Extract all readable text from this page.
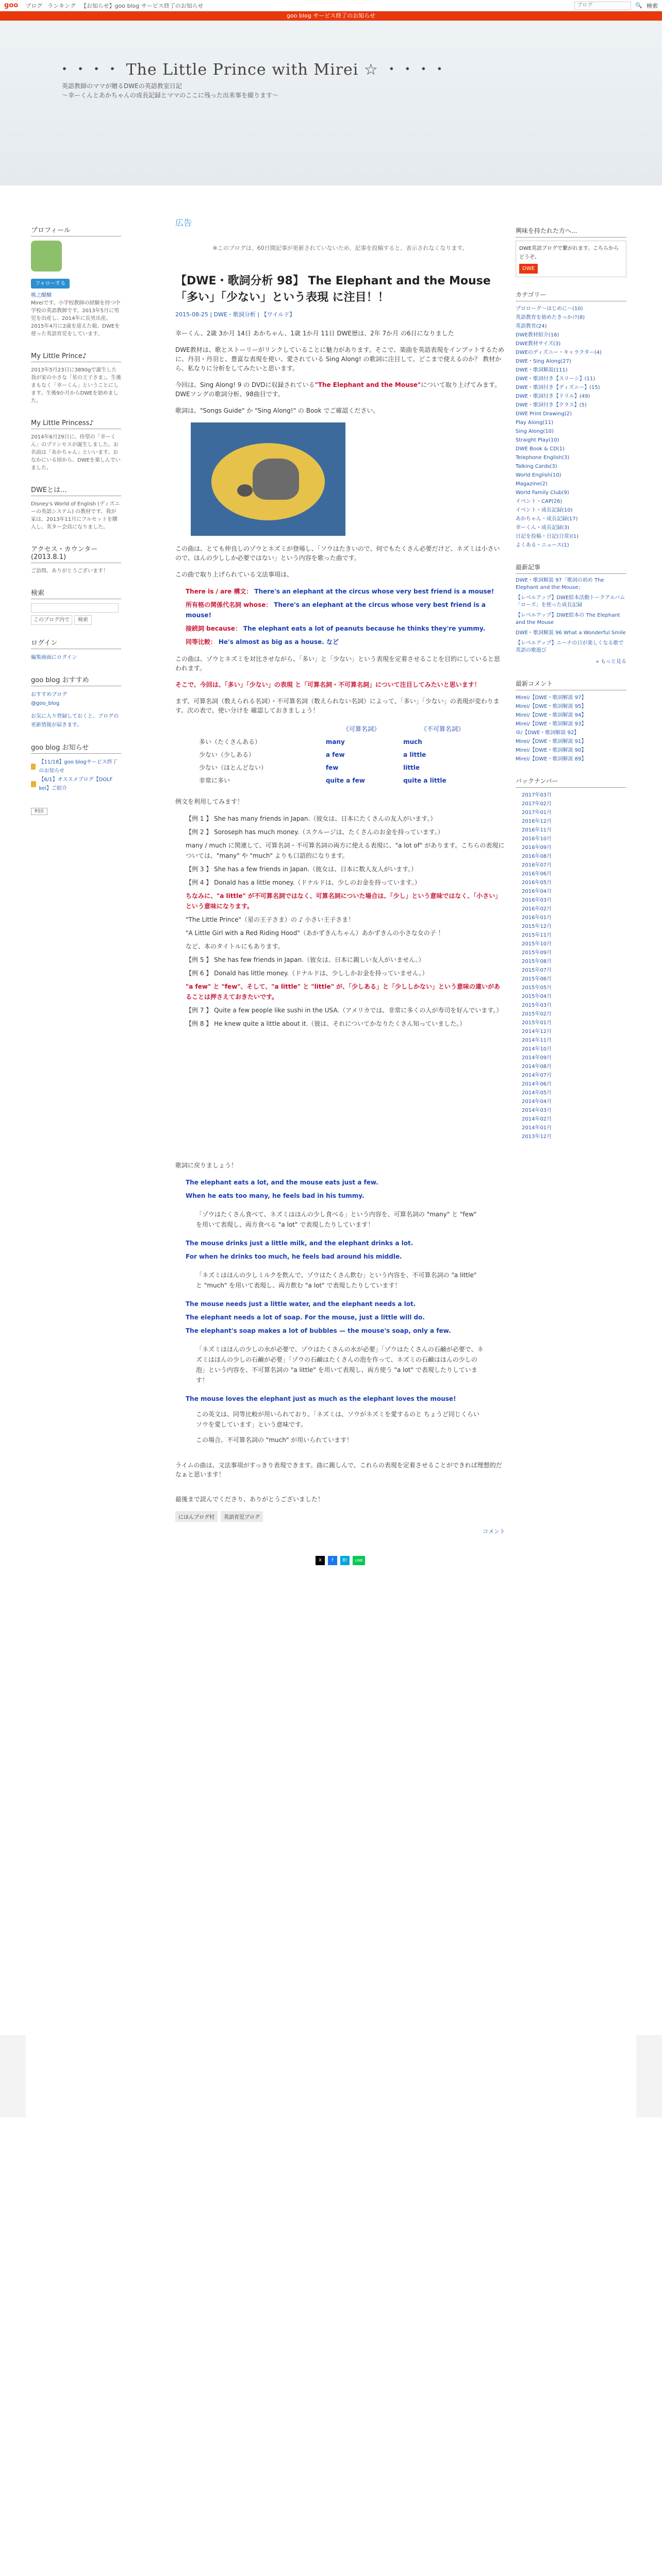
goo ブログ ランキング 【お知らせ】goo blog サービス終了のお知らせ
ブログ	🔍 検索
goo blog サービス終了のお知らせ
・・・・ The Little Prince with Mirei ☆ ・・・・
英語教師のママが贈るDWEの英語教室日記
〜幸ーくんとあかちゃんの成長記録とママのここに残った出来事を綴ります〜
プロフィール
フォローする
桃之醍醐
Mireiです。小学校教師の経験を持つ中学校の英語教師です。2013年5月に男児を出産し、2014年に長男出産。2015年4月に2歳を迎えた娘、DWEを使った英語育児をしています。
My Little Prince♪
2013年5月23日に3890gで誕生した我が家の小さな「星の王子さま」。生後まもなく「幸ーくん」ということにします。生後9か月からDWEを始めました。
My Little Princess♪
2014年6月29日に、待望の「幸ーくん」のプリンセスが誕生しました。お名前は「あかちゃん」といいます。おなかにいる頃から、DWEを楽しんでいました。
DWEとは...
Disney's World of English (ディズニーの英語システム) の教材です。我が家は、2013年11月にフルセットを購入し、英ター会員になりました。
アクセス・カウンター (2013.8.1)
ご訪問、ありがとうございます！
検索
このブログ内で	検索
ログイン
編集画面にログイン
goo blog おすすめ
おすすめブログ
@goo_blog
お気に入り登録しておくと、ブログの更新情報が届きます。
goo blog お知らせ
【11/18】goo blogサービス終了のお知らせ
【6/1】オススメブログ【DOLF kei】ご紹介
RSS
広告
※このブログは、60日間記事が更新されていないため、記事を投稿すると、表示されなくなります。
【DWE・歌詞分析 98】 The Elephant and the Mouse　「多い」「少ない」という表現 に注目！！
2015-08-25 | DWE・歌詞分析 | 【ワイルド】
幸ーくん、2歳 3か月 14日 あかちゃん、1歳 1か月 11日 DWE歴は、2年 7か月 の6日になりました
DWE教材は、歌とストーリーがリンクしていることに魅力があります。そこで、楽曲を英語表現をインプットするために、丹羽・丹羽と、豊富な表現を使い、愛されている Sing Along! の歌詞に注目して、どこまで使えるのか？ 教材から、私なりに分析をしてみたいと思います。
今回は、Sing Along! 9 の DVDに収録されている"The Elephant and the Mouse"について取り上げてみます。DWEソングの歌詞分析、98曲目です。
歌詞は、"Songs Guide" か "Sing Along!" の Book でご確認ください。
この曲は、とても仲良しのゾウとネズミが登場し、「ソウはたきいので、何でもたくさん必要だけど、ネズミは小さいので、ほんの少ししか必要ではない」という内容を歌った曲です。
この曲で取り上げられている文法事項は、
There is / are 構文： There's an elephant at the circus whose very best friend is a mouse!
所有格の関係代名詞 whose： There's an elephant at the circus whose very best friend is a mouse!
接続詞 because： The elephant eats a lot of peanuts because he thinks they're yummy.
同等比較： He's almost as big as a house. など
この曲は、ゾウとネズミを対比させながら、「多い」と「少ない」という表現を定着させることを目的にしていると思われます。
そこで、今回は、「多い」「少ない」の表現 と「可算名詞・不可算名詞」について注目してみたいと思います！
まず、可算名詞（数えられる名詞）・不可算名詞（数えられない名詞）によって、「多い」「少ない」の表現が変わります。次の表で、使い分けを 確認しておきましょう！
	《可算名詞》	《不可算名詞》
多い（たくさんある）	many	much
少ない（少しある）	a few	a little
少ない（ほとんどない）	few	little
非常に多い	quite a few	quite a little
例文を利用してみます！
【例 1 】 She has many friends in Japan.（彼女は、日本にたくさんの友人がいます。）
【例 2 】 Soroseph has much money.（スクルージは、たくさんのお金を持っています。）
many / much に関連して、可算名詞・不可算名詞の両方に使える表現に、"a lot of" があります。こちらの表現については、"many" や "much" よりも口語的になります。
【例 3 】 She has a few friends in Japan.（彼女は、日本に数人友人がいます。）
【例 4 】 Donald has a little money.（ドナルドは、少しのお金を持っています。）
ちなみに、"a little" が不可算名詞ではなく、可算名詞についた場合は、「少し」という意味ではなく、「小さい」という意味になります。
"The Little Prince"（星の王子さま）の ♪ 小さい王子さま！
"A Little Girl with a Red Riding Hood"（あかずきんちゃん）あかずきんの小さな女の子 ！
など、本のタイトルにもあります。
【例 5 】 She has few friends in Japan.（彼女は、日本に親しい友人がいません。）
【例 6 】 Donald has little money.（ドナルドは、少ししかお金を持っていません。）
"a few" と "few"、そして、"a little" と "little" が、「少しある」と「少ししかない」という意味の違いがあることは押さえておきたいです。
【例 7 】 Quite a few people like sushi in the USA.（アメリカでは、非常に多くの人が寿司を好んでいます。）
【例 8 】 He knew quite a little about it.（彼は、それについてかなりたくさん知っていました。）
歌詞に戻りましょう！
The elephant eats a lot, and the mouse eats just a few.
When he eats too many, he feels bad in his tummy.
「ゾウはたくさん食べて、ネズミはほんの少し食べる」という内容を、可算名詞の "many" と "few" を用いて表現し、両方食べる "a lot" で表現したりしています！
The mouse drinks just a little milk, and the elephant drinks a lot.
For when he drinks too much, he feels bad around his middle.
「ネズミはほんの少しミルクを飲んで、ゾウはたくさん飲む」という内容を、不可算名詞の "a little" と "much" を用いて表現し、両方飲む "a lot" で表現したりしています！
The mouse needs just a little water, and the elephant needs a lot.
The elephant needs a lot of soap. For the mouse, just a little will do.
The elephant's soap makes a lot of bubbles — the mouse's soap, only a few.
「ネズミはほんの少しの水が必要で、ゾウはたくさんの水が必要」「ゾウはたくさんの石鹸が必要で、ネズミはほんの少しの石鹸が必要」「ゾウの石鹸はたくさんの泡を作って、ネズミの石鹸はほんの少しの泡」という内容を、不可算名詞の "a little" を用いて表現し、両方使う "a lot" で表現したりしています！
The mouse loves the elephant just as much as the elephant loves the mouse!
この英文は、同等比較が用いられており、「ネズミは、ソウがネズミを愛するのと ちょうど同じくらい ソウを愛しています」という意味です。
この場合、不可算名詞の "much" が用いられています！
ライムの曲は、文法事項がすっきり表現できます。曲に親しんで、これらの表現を定着させることができれば理想的だなぁと思います！
最後まで読んでくださり、ありがとうございました！
にほんブログ村	英語育児ブログ
コメント
X	f	B!	LINE
興味を持たれた方へ...
DWE英語ブログで繋がれます。こちらからどうぞ。
DWE
カテゴリー
プロローグ〜はじめに〜(10)
英語教育を始めたきっかけ(8)
英語教育(24)
DWE教材紹介(16)
DWE教材サイズ(3)
DWEのディズニー・キャラクター(4)
DWE・Sing Along(27)
DWE・歌詞解説(111)
DWE・歌詞付き【スリーシ】(11)
DWE・歌詞付き【ディズニー】(15)
DWE・歌詞付き【ドリル】(49)
DWE・歌詞付き【クラス】(5)
DWE Print Drawing(2)
Play Along(11)
Sing Along(10)
Straight Play(10)
DWE Book & CD(1)
Telephone English(3)
Talking Cards(3)
World English(10)
Magazine(2)
World Family Club(9)
イベント・CAP(26)
イベント・成長記録(10)
あかちゃん・成長記録(17)
幸ーくん・成長記録(3)
日記を投稿・日記(日常)(1)
よくある・ニュース(1)
最新記事
DWE・歌詞解説 97「歌詞の初め The Elephant and the Mouse」
【レベルアップ】DWE絵本活動トークアルバム「ローズ」を使った成長記録
【レベルアップ】DWE絵本の The Elephant and the Mouse
DWE・歌詞解説 96 What a Wonderful Smile
【レベルアップ】ニーナの日が楽しくなる歌で英語の歌遊び
» もっと見る
最新コメント
Mirei/【DWE・歌詞解説 97】
Mirei/【DWE・歌詞解説 95】
Mirei/【DWE・歌詞解説 94】
Mirei/【DWE・歌詞解説 93】
ゆ/【DWE・歌詞解説 92】
Mirei/【DWE・歌詞解説 91】
Mirei/【DWE・歌詞解説 90】
Mirei/【DWE・歌詞解説 89】
バックナンバー
2017年03月
2017年02月
2017年01月
2016年12月
2016年11月
2016年10月
2016年09月
2016年08月
2016年07月
2016年06月
2016年05月
2016年04月
2016年03月
2016年02月
2016年01月
2015年12月
2015年11月
2015年10月
2015年09月
2015年08月
2015年07月
2015年06月
2015年05月
2015年04月
2015年03月
2015年02月
2015年01月
2014年12月
2014年11月
2014年10月
2014年09月
2014年08月
2014年07月
2014年06月
2014年05月
2014年04月
2014年03月
2014年02月
2014年01月
2013年12月
